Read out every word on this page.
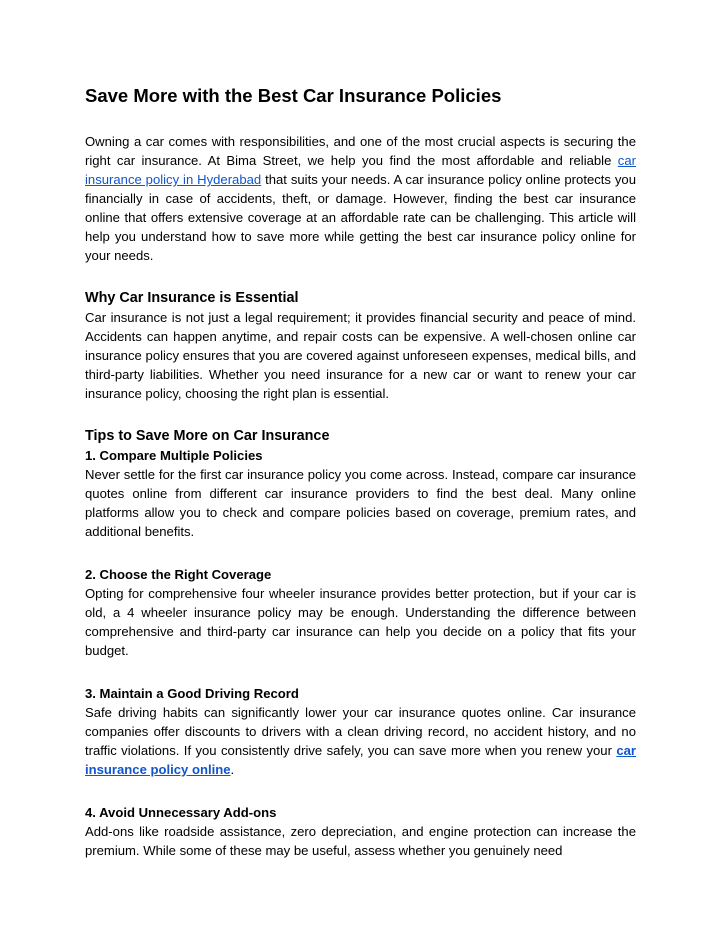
Save More with the Best Car Insurance Policies

Owning a car comes with responsibilities, and one of the most crucial aspects is securing the right car insurance. At Bima Street, we help you find the most affordable and reliable car insurance policy in Hyderabad that suits your needs. A car insurance policy online protects you financially in case of accidents, theft, or damage. However, finding the best car insurance online that offers extensive coverage at an affordable rate can be challenging. This article will help you understand how to save more while getting the best car insurance policy online for your needs.

Why Car Insurance is Essential

Car insurance is not just a legal requirement; it provides financial security and peace of mind. Accidents can happen anytime, and repair costs can be expensive. A well-chosen online car insurance policy ensures that you are covered against unforeseen expenses, medical bills, and third-party liabilities. Whether you need insurance for a new car or want to renew your car insurance policy, choosing the right plan is essential.

Tips to Save More on Car Insurance
1. Compare Multiple Policies

Never settle for the first car insurance policy you come across. Instead, compare car insurance quotes online from different car insurance providers to find the best deal. Many online platforms allow you to check and compare policies based on coverage, premium rates, and additional benefits.

2. Choose the Right Coverage

Opting for comprehensive four wheeler insurance provides better protection, but if your car is old, a 4 wheeler insurance policy may be enough. Understanding the difference between comprehensive and third-party car insurance can help you decide on a policy that fits your budget.

3. Maintain a Good Driving Record

Safe driving habits can significantly lower your car insurance quotes online. Car insurance companies offer discounts to drivers with a clean driving record, no accident history, and no traffic violations. If you consistently drive safely, you can save more when you renew your car insurance policy online.

4. Avoid Unnecessary Add-ons

Add-ons like roadside assistance, zero depreciation, and engine protection can increase the premium. While some of these may be useful, assess whether you genuinely need
